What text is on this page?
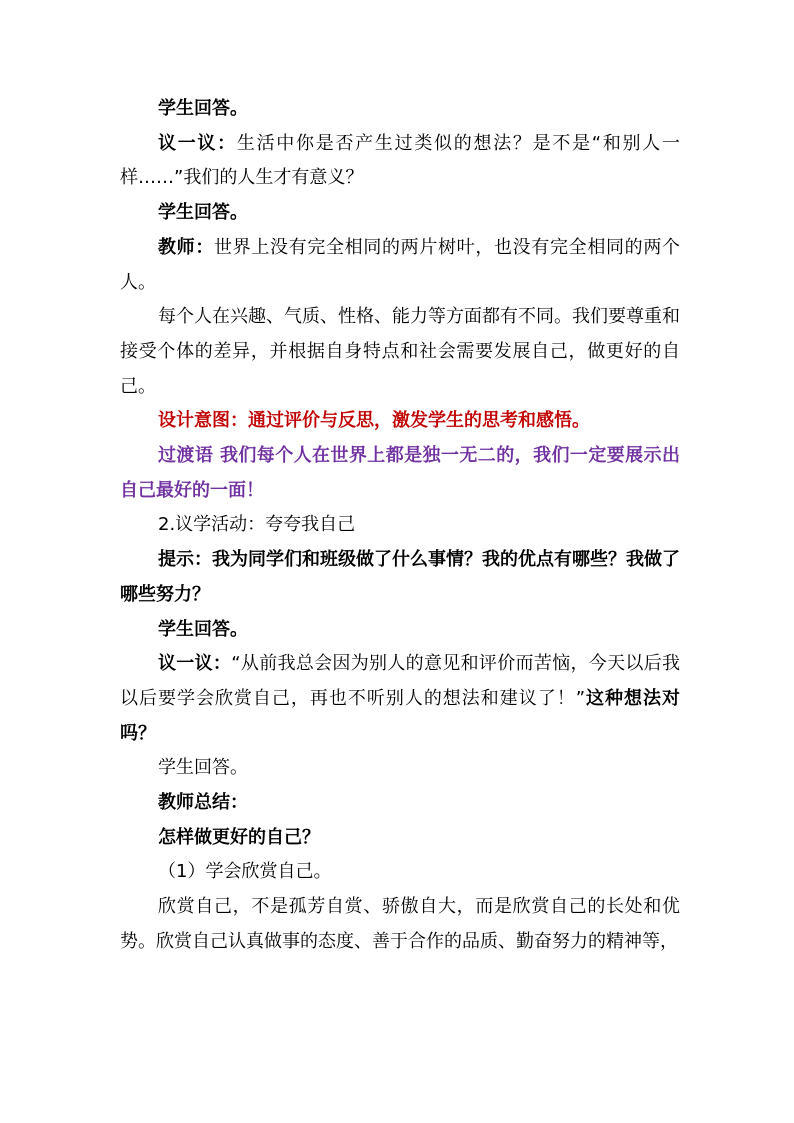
学生回答。

议一议：生活中你是否产生过类似的想法？是不是“和别人一样……”我们的人生才有意义？

学生回答。

教师：世界上没有完全相同的两片树叶，也没有完全相同的两个人。

每个人在兴趣、气质、性格、能力等方面都有不同。我们要尊重和接受个体的差异，并根据自身特点和社会需要发展自己，做更好的自己。

设计意图：通过评价与反思，激发学生的思考和感悟。

过渡语 我们每个人在世界上都是独一无二的，我们一定要展示出自己最好的一面！

2.议学活动：夸夸我自己

提示：我为同学们和班级做了什么事情？我的优点有哪些？我做了哪些努力？

学生回答。

议一议：“从前我总会因为别人的意见和评价而苦恼，今天以后我以后要学会欣赏自己，再也不听别人的想法和建议了！”这种想法对吗？

学生回答。

教师总结：

怎样做更好的自己？

（1）学会欣赏自己。

欣赏自己，不是孤芳自赏、骄傲自大，而是欣赏自己的长处和优势。欣赏自己认真做事的态度、善于合作的品质、勤奋努力的精神等，
